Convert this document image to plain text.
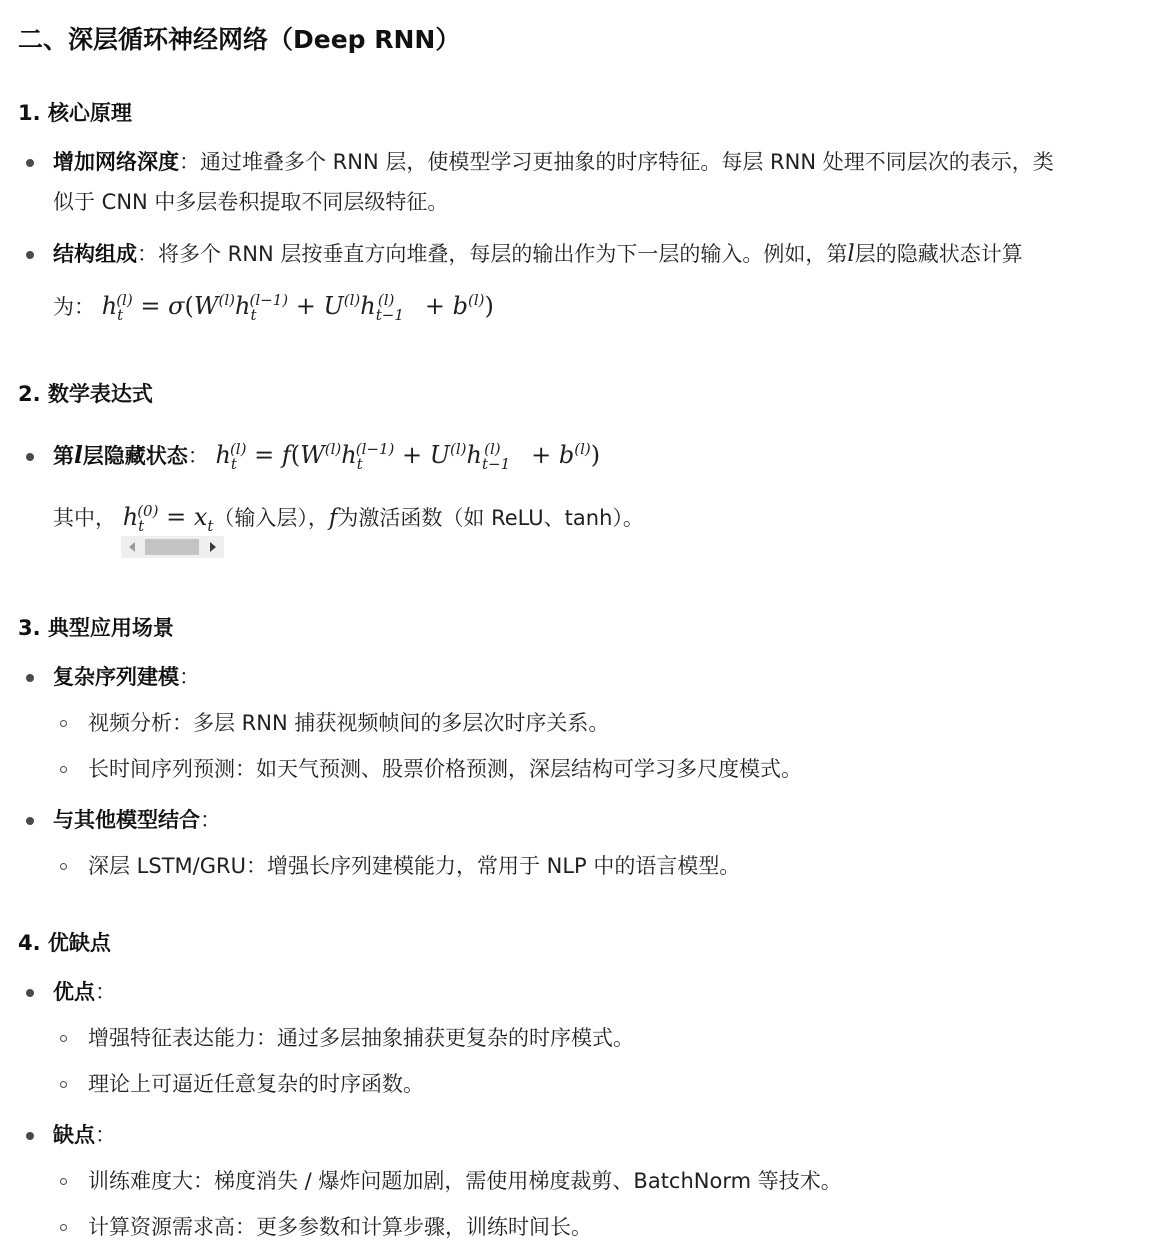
二、深层循环神经网络（Deep RNN）
1. 核心原理
增加网络深度：通过堆叠多个 RNN 层，使模型学习更抽象的时序特征。每层 RNN 处理不同层次的表示，类
似于 CNN 中多层卷积提取不同层级特征。
结构组成：将多个 RNN 层按垂直方向堆叠，每层的输出作为下一层的输入。例如，第l层的隐藏状态计算
为： $h_t^{(l)} = \sigma(W^{(l)}h_t^{(l-1)} + U^{(l)}h_{t-1}^{(l)} + b^{(l)})$
2. 数学表达式
第l层隐藏状态： $h_t^{(l)} = f(W^{(l)}h_t^{(l-1)} + U^{(l)}h_{t-1}^{(l)} + b^{(l)})$
其中， $h_t^{(0)} = x_t$（输入层），f为激活函数（如 ReLU、tanh）。
3. 典型应用场景
复杂序列建模：
视频分析：多层 RNN 捕获视频帧间的多层次时序关系。
长时间序列预测：如天气预测、股票价格预测，深层结构可学习多尺度模式。
与其他模型结合：
深层 LSTM/GRU：增强长序列建模能力，常用于 NLP 中的语言模型。
4. 优缺点
优点：
增强特征表达能力：通过多层抽象捕获更复杂的时序模式。
理论上可逼近任意复杂的时序函数。
缺点：
训练难度大：梯度消失 / 爆炸问题加剧，需使用梯度裁剪、BatchNorm 等技术。
计算资源需求高：更多参数和计算步骤，训练时间长。
